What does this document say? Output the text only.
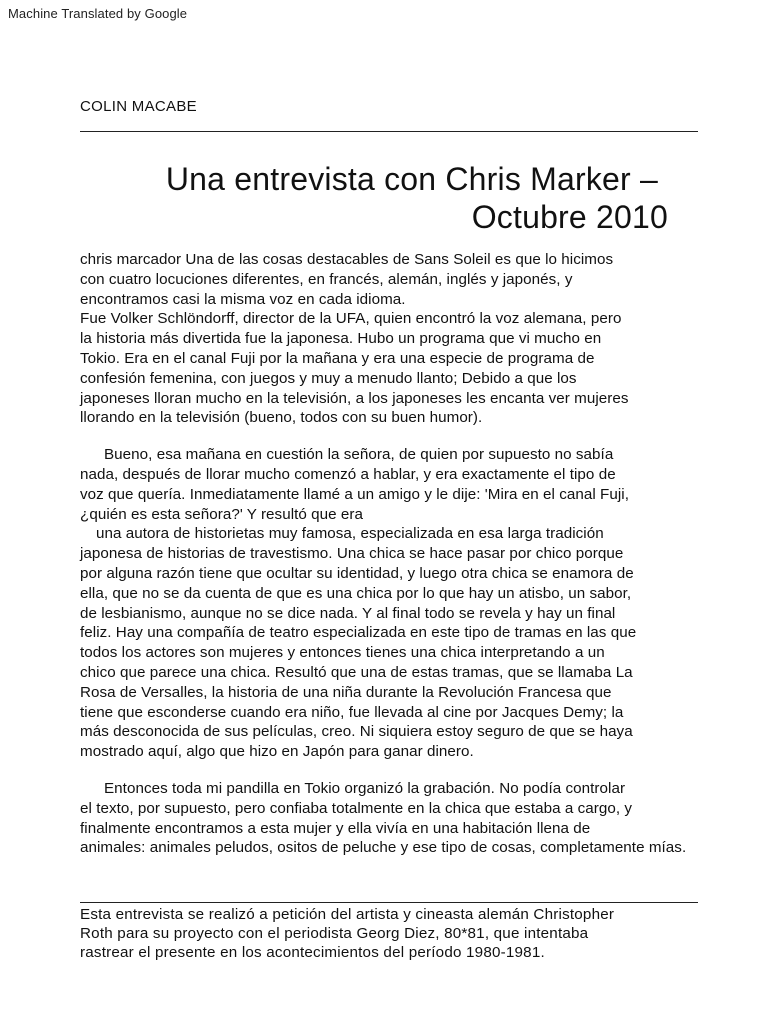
Machine Translated by Google
COLIN MACABE
Una entrevista con Chris Marker –
Octubre 2010
chris marcador Una de las cosas destacables de Sans Soleil es que lo hicimos
con cuatro locuciones diferentes, en francés, alemán, inglés y japonés, y
encontramos casi la misma voz en cada idioma.
Fue Volker Schlöndorff, director de la UFA, quien encontró la voz alemana, pero
la historia más divertida fue la japonesa. Hubo un programa que vi mucho en
Tokio. Era en el canal Fuji por la mañana y era una especie de programa de
confesión femenina, con juegos y muy a menudo llanto; Debido a que los
japoneses lloran mucho en la televisión, a los japoneses les encanta ver mujeres
llorando en la televisión (bueno, todos con su buen humor).
Bueno, esa mañana en cuestión la señora, de quien por supuesto no sabía
nada, después de llorar mucho comenzó a hablar, y era exactamente el tipo de
voz que quería. Inmediatamente llamé a un amigo y le dije: 'Mira en el canal Fuji,
¿quién es esta señora?' Y resultó que era
una autora de historietas muy famosa, especializada en esa larga tradición
japonesa de historias de travestismo. Una chica se hace pasar por chico porque
por alguna razón tiene que ocultar su identidad, y luego otra chica se enamora de
ella, que no se da cuenta de que es una chica por lo que hay un atisbo, un sabor,
de lesbianismo, aunque no se dice nada. Y al final todo se revela y hay un final
feliz. Hay una compañía de teatro especializada en este tipo de tramas en las que
todos los actores son mujeres y entonces tienes una chica interpretando a un
chico que parece una chica. Resultó que una de estas tramas, que se llamaba La
Rosa de Versalles, la historia de una niña durante la Revolución Francesa que
tiene que esconderse cuando era niño, fue llevada al cine por Jacques Demy; la
más desconocida de sus películas, creo. Ni siquiera estoy seguro de que se haya
mostrado aquí, algo que hizo en Japón para ganar dinero.
Entonces toda mi pandilla en Tokio organizó la grabación. No podía controlar
el texto, por supuesto, pero confiaba totalmente en la chica que estaba a cargo, y
finalmente encontramos a esta mujer y ella vivía en una habitación llena de
animales: animales peludos, ositos de peluche y ese tipo de cosas, completamente mías.
Esta entrevista se realizó a petición del artista y cineasta alemán Christopher
Roth para su proyecto con el periodista Georg Diez, 80*81, que intentaba
rastrear el presente en los acontecimientos del período 1980-1981.
